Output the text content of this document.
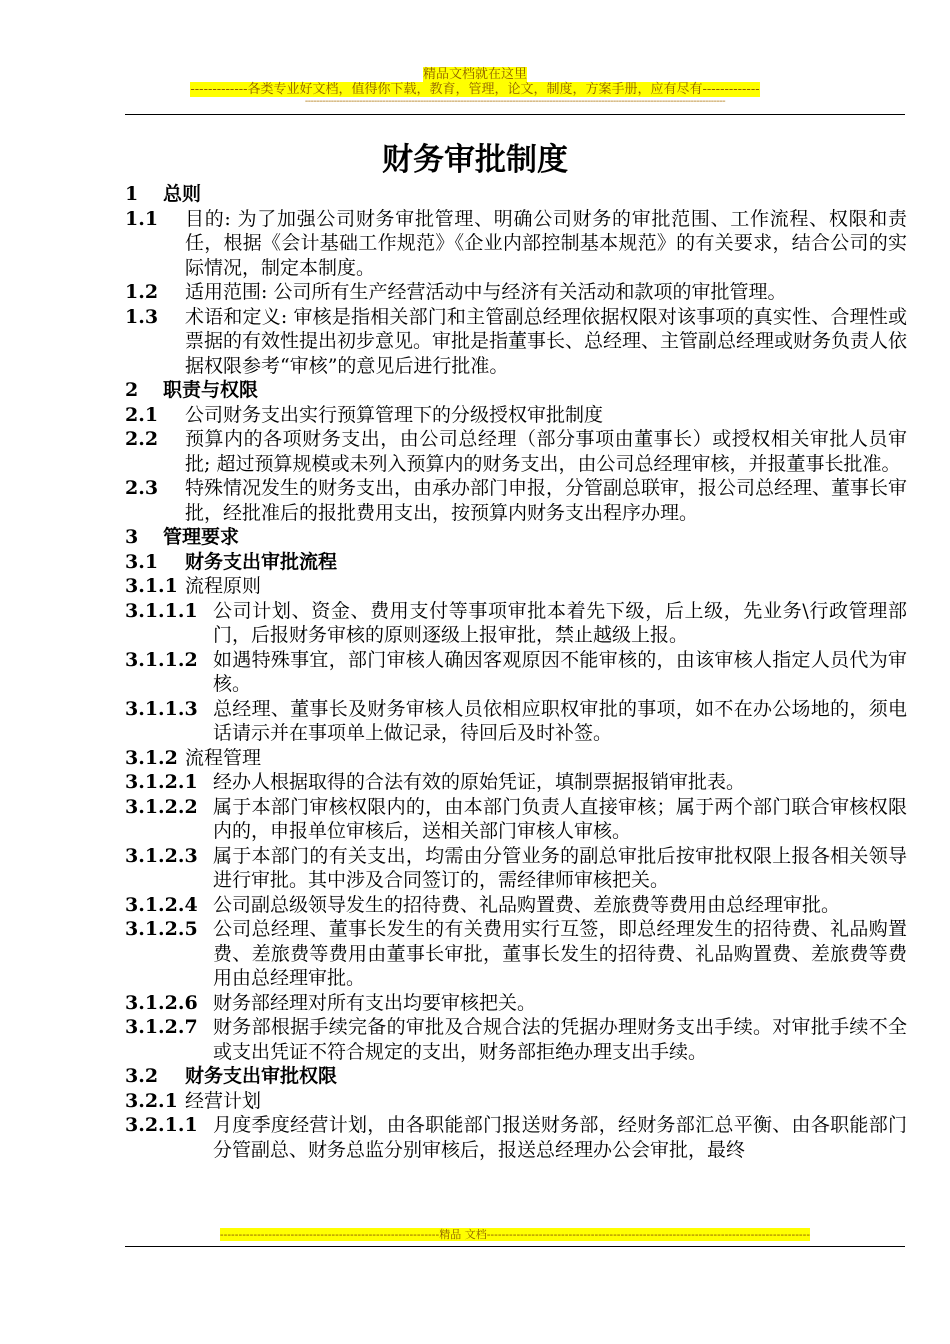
精品文档就在这里
-------------各类专业好文档，值得你下载，教育，管理，论文，制度，方案手册，应有尽有-------------
--------------------------------------------------------------------------------------------------------------------------------------------------
财务审批制度
1	总则
1.1	目的: 为了加强公司财务审批管理、明确公司财务的审批范围、工作流程、权限和责任，根据《会计基础工作规范》《企业内部控制基本规范》的有关要求，结合公司的实际情况，制定本制度。
1.2	适用范围: 公司所有生产经营活动中与经济有关活动和款项的审批管理。
1.3	术语和定义: 审核是指相关部门和主管副总经理依据权限对该事项的真实性、合理性或票据的有效性提出初步意见。审批是指董事长、总经理、主管副总经理或财务负责人依据权限参考“审核”的意见后进行批准。
2	职责与权限
2.1	公司财务支出实行预算管理下的分级授权审批制度
2.2	预算内的各项财务支出，由公司总经理（部分事项由董事长）或授权相关审批人员审批; 超过预算规模或未列入预算内的财务支出，由公司总经理审核，并报董事长批准。
2.3	特殊情况发生的财务支出，由承办部门申报，分管副总联审，报公司总经理、董事长审批，经批准后的报批费用支出，按预算内财务支出程序办理。
3	管理要求
3.1	财务支出审批流程
3.1.1 流程原则
3.1.1.1 公司计划、资金、费用支付等事项审批本着先下级，后上级，先业务\行政管理部门，后报财务审核的原则逐级上报审批，禁止越级上报。
3.1.1.2 如遇特殊事宜，部门审核人确因客观原因不能审核的，由该审核人指定人员代为审核。
3.1.1.3 总经理、董事长及财务审核人员依相应职权审批的事项，如不在办公场地的，须电话请示并在事项单上做记录，待回后及时补签。
3.1.2 流程管理
3.1.2.1 经办人根据取得的合法有效的原始凭证，填制票据报销审批表。
3.1.2.2 属于本部门审核权限内的，由本部门负责人直接审核；属于两个部门联合审核权限内的，申报单位审核后，送相关部门审核人审核。
3.1.2.3 属于本部门的有关支出，均需由分管业务的副总审批后按审批权限上报各相关领导进行审批。其中涉及合同签订的，需经律师审核把关。
3.1.2.4 公司副总级领导发生的招待费、礼品购置费、差旅费等费用由总经理审批。
3.1.2.5 公司总经理、董事长发生的有关费用实行互签，即总经理发生的招待费、礼品购置费、差旅费等费用由董事长审批，董事长发生的招待费、礼品购置费、差旅费等费用由总经理审批。
3.1.2.6 财务部经理对所有支出均要审核把关。
3.1.2.7 财务部根据手续完备的审批及合规合法的凭据办理财务支出手续。对审批手续不全或支出凭证不符合规定的支出，财务部拒绝办理支出手续。
3.2	财务支出审批权限
3.2.1 经营计划
3.2.1.1 月度季度经营计划，由各职能部门报送财务部，经财务部汇总平衡、由各职能部门分管副总、财务总监分别审核后，报送总经理办公会审批，最终
-----------------------------------------------------------精品 文档---------------------------------------------------------------------------------------
